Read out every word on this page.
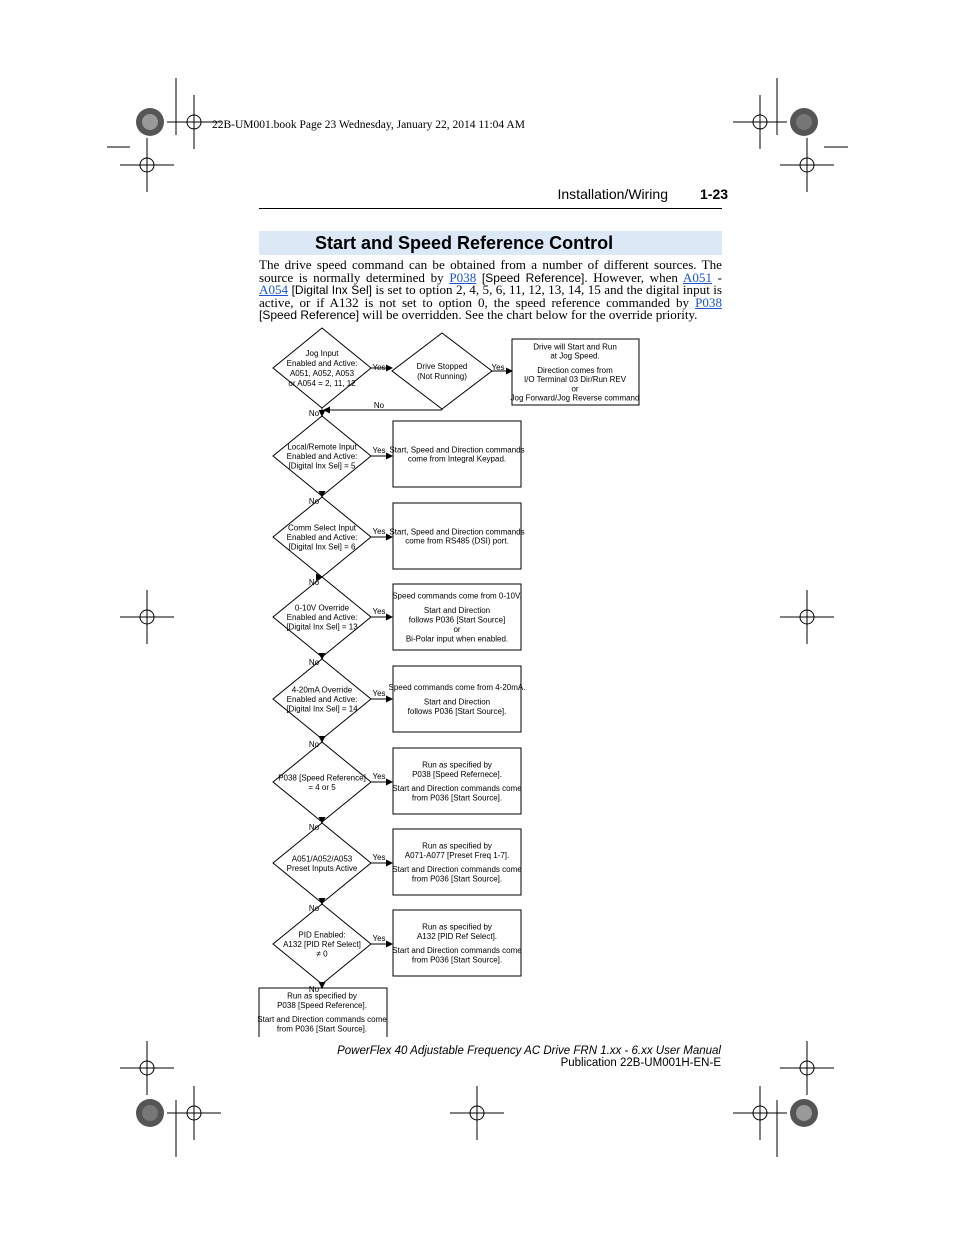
22B-UM001.book Page 23 Wednesday, January 22, 2014 11:04 AM
Installation/Wiring 1-23
Start and Speed Reference Control
The drive speed command can be obtained from a number of different sources. The source is normally determined by P038 [Speed Reference]. However, when A051 - A054 [Digital Inx Sel] is set to option 2, 4, 5, 6, 11, 12, 13, 14, 15 and the digital input is active, or if A132 is not set to option 0, the speed reference commanded by P038 [Speed Reference] will be overridden. See the chart below for the override priority.
Jog Input
Enabled and Active:
A051, A052, A053
or A054 = 2, 11, 12
Yes	Drive Stopped
(Not Running)
Yes
Drive will Start and Run
at Jog Speed.
Direction comes from
I/O Terminal 03 Dir/Run REV
or
Jog Forward/Jog Reverse command
No
No
Local/Remote Input
Enabled and Active:
[Digital Inx Sel] = 5
Yes Start, Speed and Direction commands
come from Integral Keypad.
No
Comm Select Input
Enabled and Active:
[Digital Inx Sel] = 6
Yes Start, Speed and Direction commands
come from RS485 (DSI) port.
No
0-10V Override
Enabled and Active:
[Digital Inx Sel] = 13
Yes
Speed commands come from 0-10V.
Start and Direction
follows P036 [Start Source]
or
Bi-Polar input when enabled.
No
4-20mA Override
Enabled and Active:
[Digital Inx Sel] = 14
Yes
Speed commands come from 4-20mA.
Start and Direction
follows P036 [Start Source].
No
P038 [Speed Reference]
= 4 or 5
Yes
Run as specified by
P038 [Speed Refernece].
Start and Direction commands come
from P036 [Start Source].
No
A051/A052/A053
Preset Inputs Active
Yes
Run as specified by
A071-A077 [Preset Freq 1-7].
Start and Direction commands come
from P036 [Start Source].
No
PID Enabled:
A132 [PID Ref Select]
≠ 0
Yes
Run as specified by
A132 [PID Ref Select].
Start and Direction commands come
from P036 [Start Source].
No
Run as specified by
P038 [Speed Reference].
Start and Direction commands come
from P036 [Start Source].
PowerFlex 40 Adjustable Frequency AC Drive FRN 1.xx - 6.xx User Manual
Publication 22B-UM001H-EN-E
